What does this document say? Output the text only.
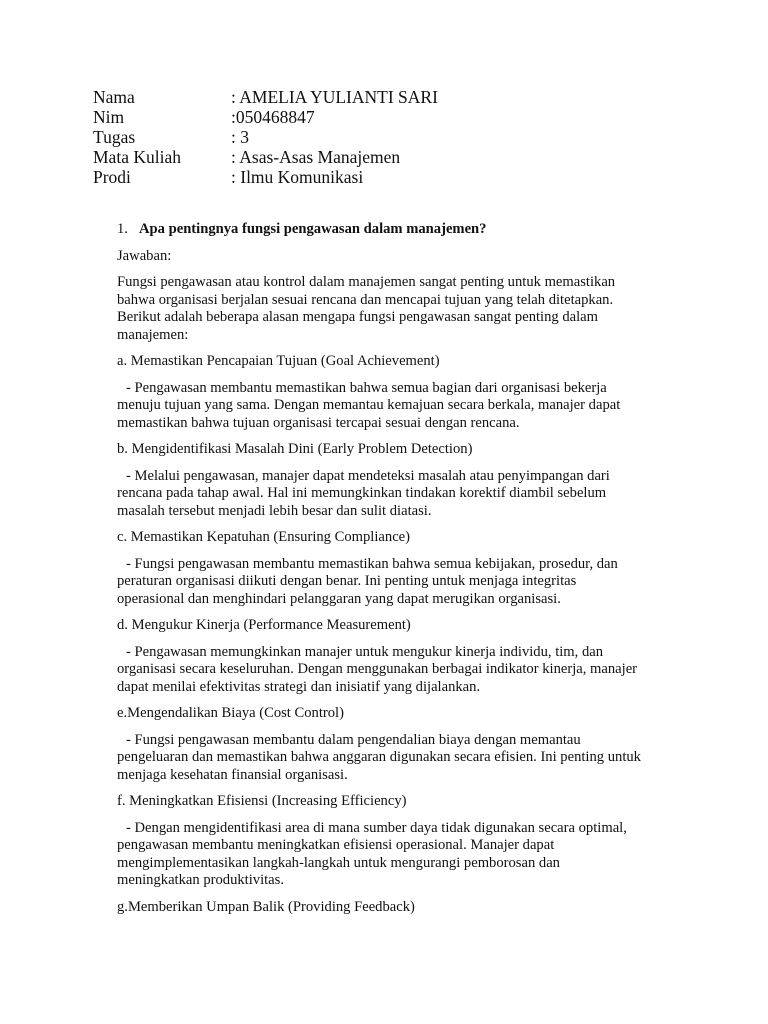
Nama	: AMELIA YULIANTI SARI
Nim	:050468847
Tugas	: 3
Mata Kuliah	: Asas-Asas Manajemen
Prodi	: Ilmu Komunikasi
1. Apa pentingnya fungsi pengawasan dalam manajemen?
Jawaban:
Fungsi pengawasan atau kontrol dalam manajemen sangat penting untuk memastikan
bahwa organisasi berjalan sesuai rencana dan mencapai tujuan yang telah ditetapkan.
Berikut adalah beberapa alasan mengapa fungsi pengawasan sangat penting dalam
manajemen:
a. Memastikan Pencapaian Tujuan (Goal Achievement)
- Pengawasan membantu memastikan bahwa semua bagian dari organisasi bekerja
menuju tujuan yang sama. Dengan memantau kemajuan secara berkala, manajer dapat
memastikan bahwa tujuan organisasi tercapai sesuai dengan rencana.
b. Mengidentifikasi Masalah Dini (Early Problem Detection)
- Melalui pengawasan, manajer dapat mendeteksi masalah atau penyimpangan dari
rencana pada tahap awal. Hal ini memungkinkan tindakan korektif diambil sebelum
masalah tersebut menjadi lebih besar dan sulit diatasi.
c. Memastikan Kepatuhan (Ensuring Compliance)
- Fungsi pengawasan membantu memastikan bahwa semua kebijakan, prosedur, dan
peraturan organisasi diikuti dengan benar. Ini penting untuk menjaga integritas
operasional dan menghindari pelanggaran yang dapat merugikan organisasi.
d. Mengukur Kinerja (Performance Measurement)
- Pengawasan memungkinkan manajer untuk mengukur kinerja individu, tim, dan
organisasi secara keseluruhan. Dengan menggunakan berbagai indikator kinerja, manajer
dapat menilai efektivitas strategi dan inisiatif yang dijalankan.
e.Mengendalikan Biaya (Cost Control)
- Fungsi pengawasan membantu dalam pengendalian biaya dengan memantau
pengeluaran dan memastikan bahwa anggaran digunakan secara efisien. Ini penting untuk
menjaga kesehatan finansial organisasi.
f. Meningkatkan Efisiensi (Increasing Efficiency)
- Dengan mengidentifikasi area di mana sumber daya tidak digunakan secara optimal,
pengawasan membantu meningkatkan efisiensi operasional. Manajer dapat
mengimplementasikan langkah-langkah untuk mengurangi pemborosan dan
meningkatkan produktivitas.
g.Memberikan Umpan Balik (Providing Feedback)
